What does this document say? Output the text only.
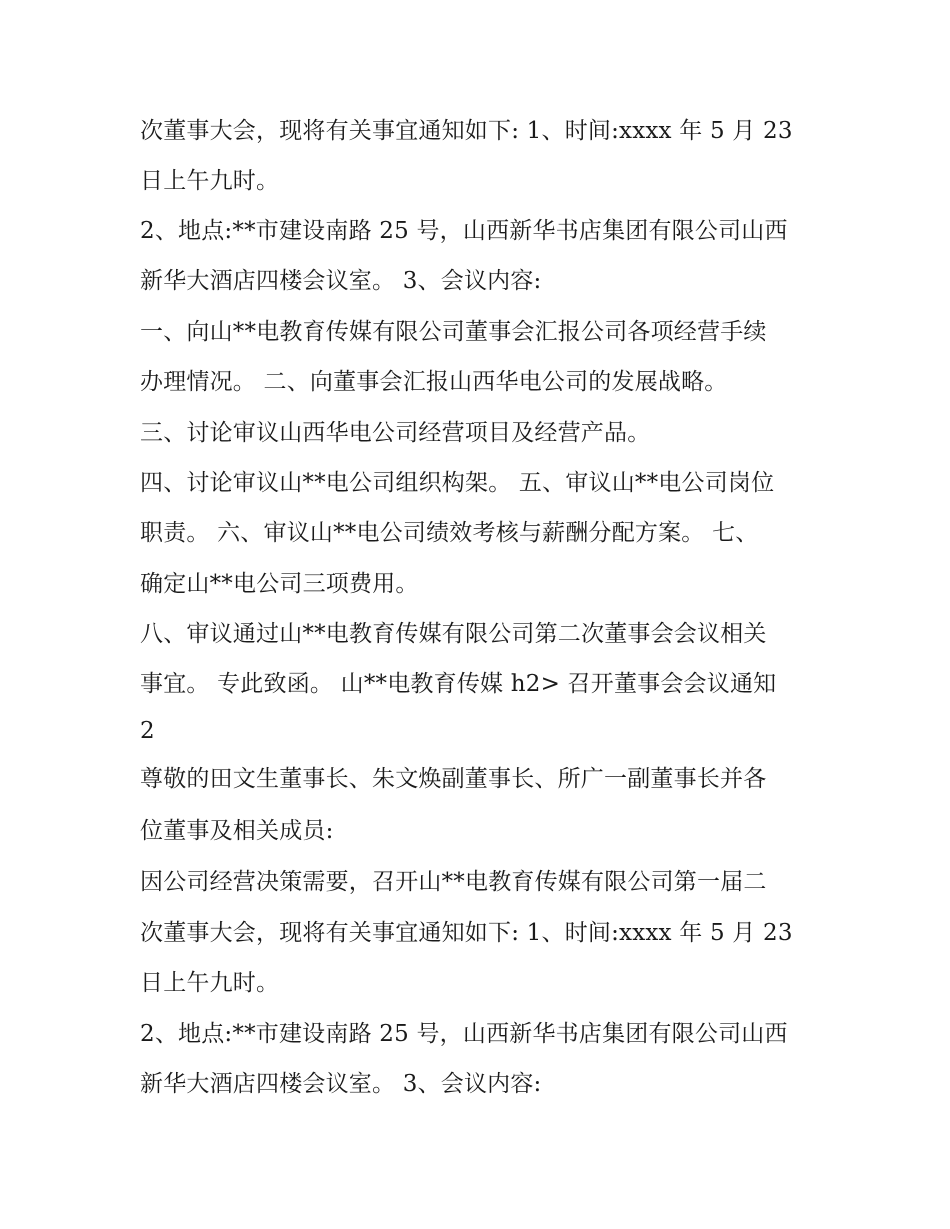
次董事大会，现将有关事宜通知如下: 1、时间:xxxx 年 5 月 23
日上午九时。
2、地点:**市建设南路 25 号，山西新华书店集团有限公司山西
新华大酒店四楼会议室。 3、会议内容:
一、向山**电教育传媒有限公司董事会汇报公司各项经营手续
办理情况。 二、向董事会汇报山西华电公司的发展战略。
三、讨论审议山西华电公司经营项目及经营产品。
四、讨论审议山**电公司组织构架。 五、审议山**电公司岗位
职责。 六、审议山**电公司绩效考核与薪酬分配方案。 七、
确定山**电公司三项费用。
八、审议通过山**电教育传媒有限公司第二次董事会会议相关
事宜。 专此致函。 山**电教育传媒 h2> 召开董事会会议通知
2
尊敬的田文生董事长、朱文焕副董事长、所广一副董事长并各
位董事及相关成员:
因公司经营决策需要，召开山**电教育传媒有限公司第一届二
次董事大会，现将有关事宜通知如下: 1、时间:xxxx 年 5 月 23
日上午九时。
2、地点:**市建设南路 25 号，山西新华书店集团有限公司山西
新华大酒店四楼会议室。 3、会议内容:
